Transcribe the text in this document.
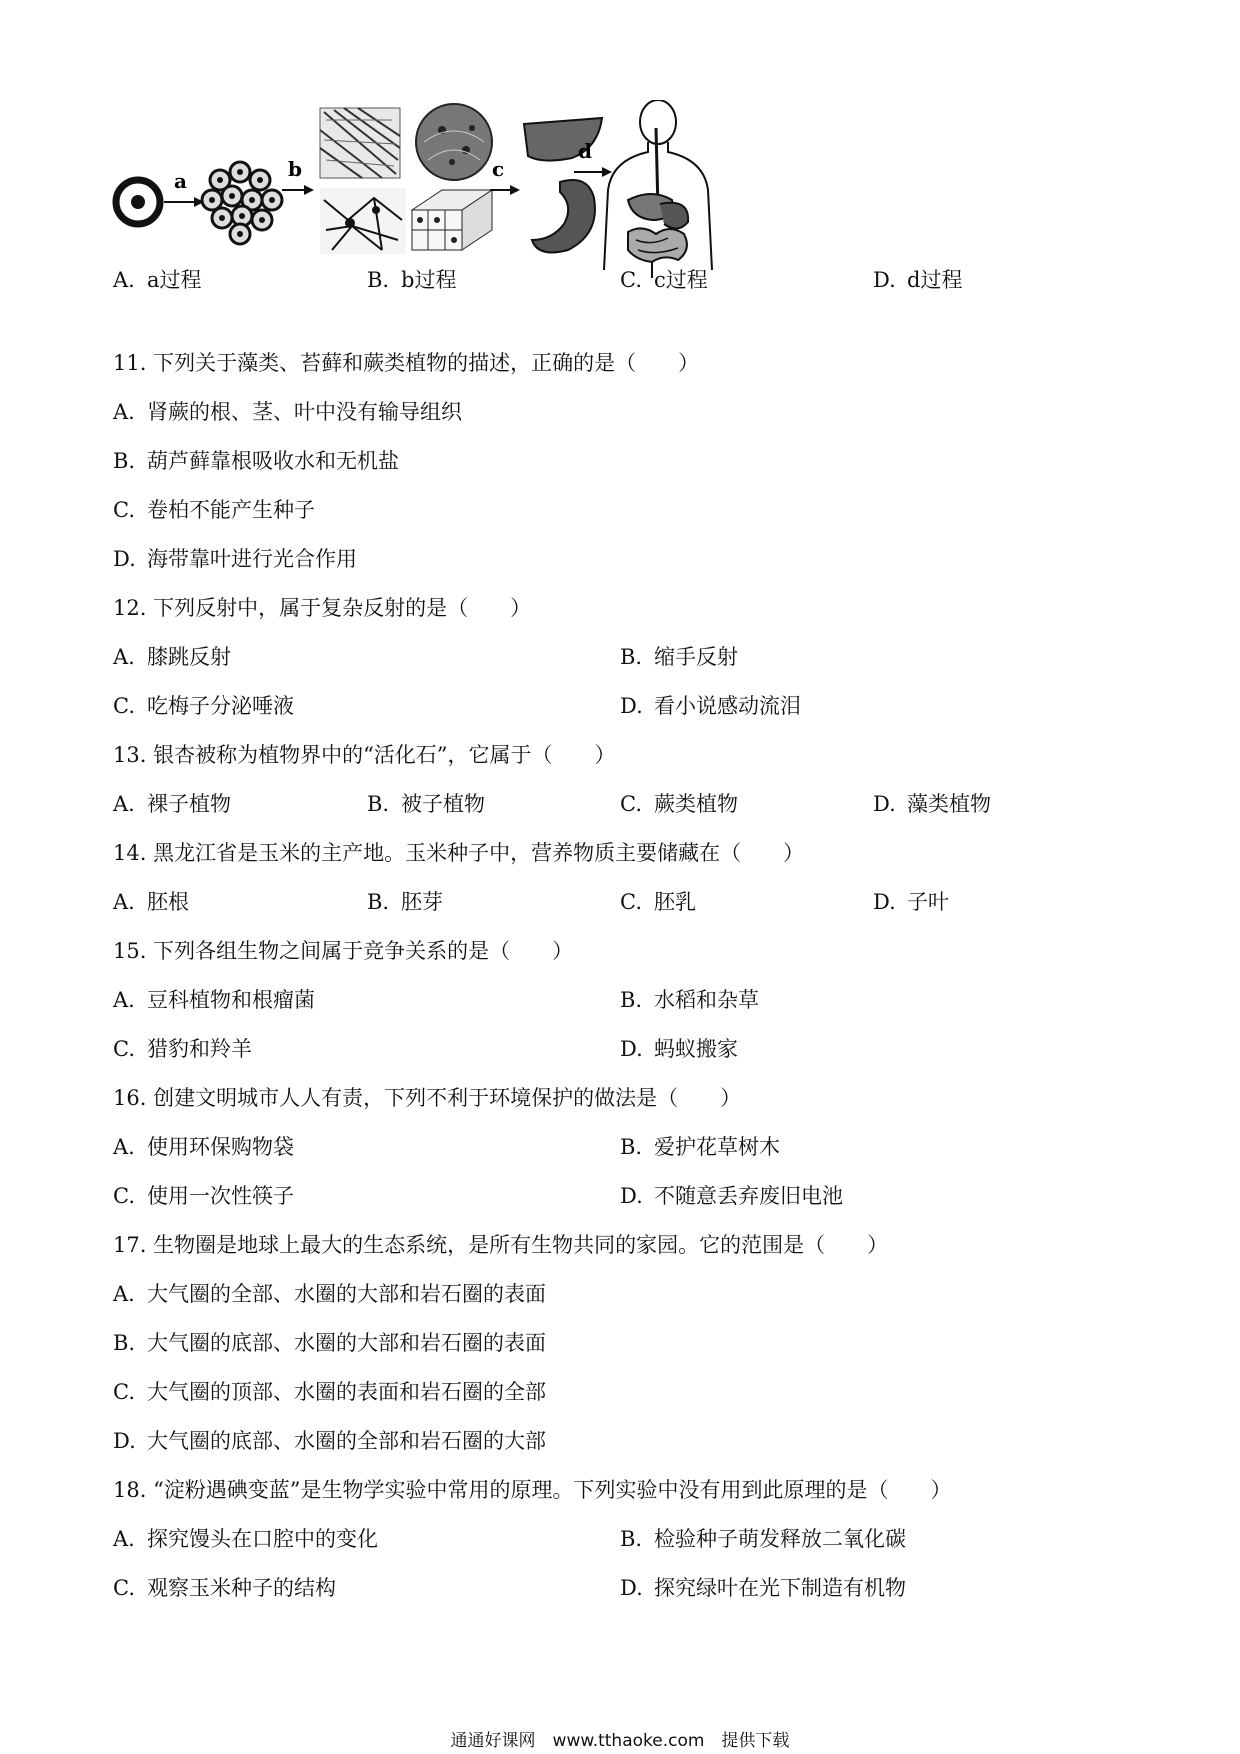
a	b	c
d
A. a过程	B. b过程	C. c过程	D. d过程
11. 下列关于藻类、苔藓和蕨类植物的描述，正确的是（　　）
A. 肾蕨的根、茎、叶中没有输导组织
B. 葫芦藓靠根吸收水和无机盐
C. 卷柏不能产生种子
D. 海带靠叶进行光合作用
12. 下列反射中，属于复杂反射的是（　　）
A. 膝跳反射	B. 缩手反射
C. 吃梅子分泌唾液	D. 看小说感动流泪
13. 银杏被称为植物界中的“活化石”，它属于（　　）
A. 裸子植物	B. 被子植物	C. 蕨类植物	D. 藻类植物
14. 黑龙江省是玉米的主产地。玉米种子中，营养物质主要储藏在（　　）
A. 胚根	B. 胚芽	C. 胚乳	D. 子叶
15. 下列各组生物之间属于竞争关系的是（　　）
A. 豆科植物和根瘤菌	B. 水稻和杂草
C. 猎豹和羚羊	D. 蚂蚁搬家
16. 创建文明城市人人有责，下列不利于环境保护的做法是（　　）
A. 使用环保购物袋	B. 爱护花草树木
C. 使用一次性筷子	D. 不随意丢弃废旧电池
17. 生物圈是地球上最大的生态系统，是所有生物共同的家园。它的范围是（　　）
A. 大气圈的全部、水圈的大部和岩石圈的表面
B. 大气圈的底部、水圈的大部和岩石圈的表面
C. 大气圈的顶部、水圈的表面和岩石圈的全部
D. 大气圈的底部、水圈的全部和岩石圈的大部
18. “淀粉遇碘变蓝”是生物学实验中常用的原理。下列实验中没有用到此原理的是（　　）
A. 探究馒头在口腔中的变化	B. 检验种子萌发释放二氧化碳
C. 观察玉米种子的结构	D. 探究绿叶在光下制造有机物
通通好课网　www.tthaoke.com　提供下载
